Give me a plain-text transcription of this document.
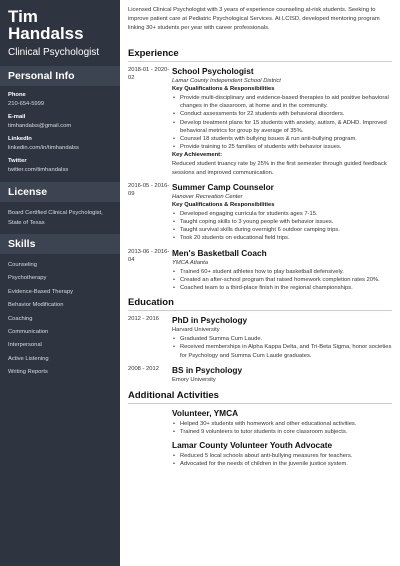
Tim
Handalss
Clinical Psychologist
Personal Info
Phone
210-654-5999
E-mail
timhandalss@gmail.com
LinkedIn
linkedin.com/in/timhandalss
Twitter
twitter.com/timhandalss
License
Board Certified Clinical Psychologist, State of Texas
Skills
Counseling
Psychotherapy
Evidence-Based Therapy
Behavior Modification
Coaching
Communication
Interpersonal
Active Listening
Writing Reports
Licensed Clinical Psychologist with 3 years of experience counseling at-risk students. Seeking to improve patient care at Pediatric Psychological Services. At LCISD, developed mentoring program linking 30+ students per year with career professionals.
Experience
2018-01 - 2020-02
School Psychologist
Lamar County Independent School District
Key Qualifications & Responsibilities
• Provide multi-disciplinary and evidence-based therapies to aid positive behavioral changes in the classroom, at home and in the community.
• Conduct assessments for 22 students with behavioral disorders.
• Develop treatment plans for 15 students with anxiety, autism, & ADHD. Improved behavioral metrics for group by average of 35%.
• Counsel 18 students with bullying issues & run anti-bullying program.
• Provide training to 25 families of students with behavior issues.
Key Achievement:
Reduced student truancy rate by 25% in the first semester through guided feedback sessions and improved communication.
2016-05 - 2016-09
Summer Camp Counselor
Hanover Recreation Center
Key Qualifications & Responsibilities
• Developed engaging curricula for students ages 7-15.
• Taught coping skills to 3 young people with behavior issues.
• Taught survival skills during overnight 6 outdoor camping trips.
• Took 20 students on educational field trips.
2013-06 - 2016-04
Men's Basketball Coach
YMCA Atlanta
• Trained 60+ student athletes how to play basketball defensively.
• Created an after-school program that raised homework completion rates 20%.
• Coached team to a third-place finish in the regional championships.
Education
2012 - 2016	PhD in Psychology
Harvard University
• Graduated Summa Cum Laude.
• Received memberships in Alpha Kappa Delta, and Tri-Beta Sigma, honor societies for Psychology and Summa Cum Laude graduates.
2008 - 2012	BS in Psychology
Emory University
Additional Activities
Volunteer, YMCA
• Helped 30+ students with homework and other educational activities.
• Trained 9 volunteers to tutor students in core classroom subjects.
Lamar County Volunteer Youth Advocate
• Reduced 5 local schools about anti-bullying measures for teachers.
• Advocated for the needs of children in the juvenile justice system.
